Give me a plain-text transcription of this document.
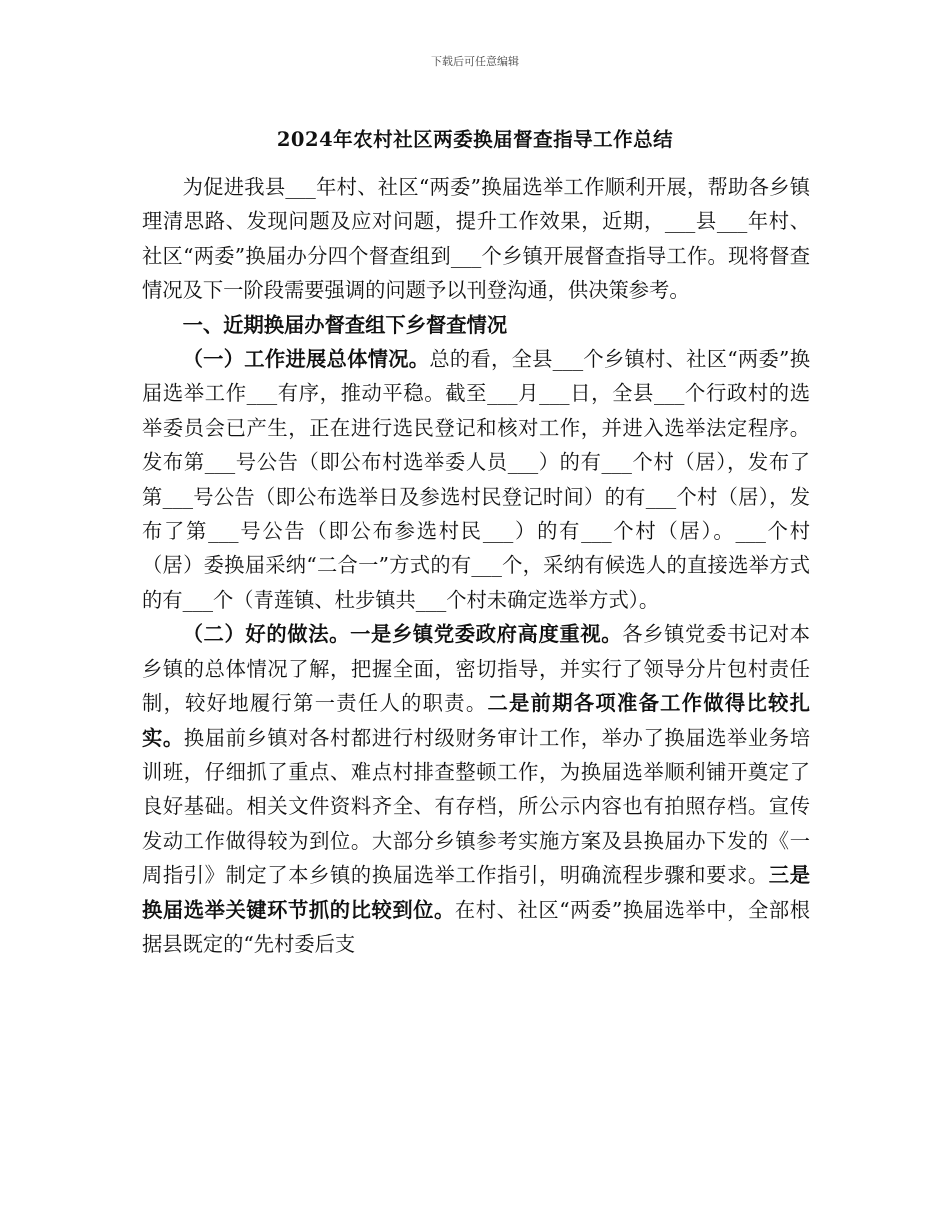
下载后可任意编辑
2024年农村社区两委换届督查指导工作总结

为促进我县___年村、社区“两委”换届选举工作顺利开展，帮助各乡镇理清思路、发现问题及应对问题，提升工作效果，近期，___县___年村、社区“两委”换届办分四个督查组到___个乡镇开展督查指导工作。现将督查情况及下一阶段需要强调的问题予以刊登沟通，供决策参考。

一、近期换届办督查组下乡督查情况

（一）工作进展总体情况。总的看，全县___个乡镇村、社区“两委”换届选举工作___有序，推动平稳。截至___月___日，全县___个行政村的选举委员会已产生，正在进行选民登记和核对工作，并进入选举法定程序。发布第___号公告（即公布村选举委人员___）的有___个村（居），发布了第___号公告（即公布选举日及参选村民登记时间）的有___个村（居），发布了第___号公告（即公布参选村民___）的有___个村（居）。___个村（居）委换届采纳“二合一”方式的有___个，采纳有候选人的直接选举方式的有___个（青莲镇、杜步镇共___个村未确定选举方式）。

（二）好的做法。一是乡镇党委政府高度重视。各乡镇党委书记对本乡镇的总体情况了解，把握全面，密切指导，并实行了领导分片包村责任制，较好地履行第一责任人的职责。二是前期各项准备工作做得比较扎实。换届前乡镇对各村都进行村级财务审计工作，举办了换届选举业务培训班，仔细抓了重点、难点村排查整顿工作，为换届选举顺利铺开奠定了良好基础。相关文件资料齐全、有存档，所公示内容也有拍照存档。宣传发动工作做得较为到位。大部分乡镇参考实施方案及县换届办下发的《一周指引》制定了本乡镇的换届选举工作指引，明确流程步骤和要求。三是换届选举关键环节抓的比较到位。在村、社区“两委”换届选举中，全部根据县既定的“先村委后支
